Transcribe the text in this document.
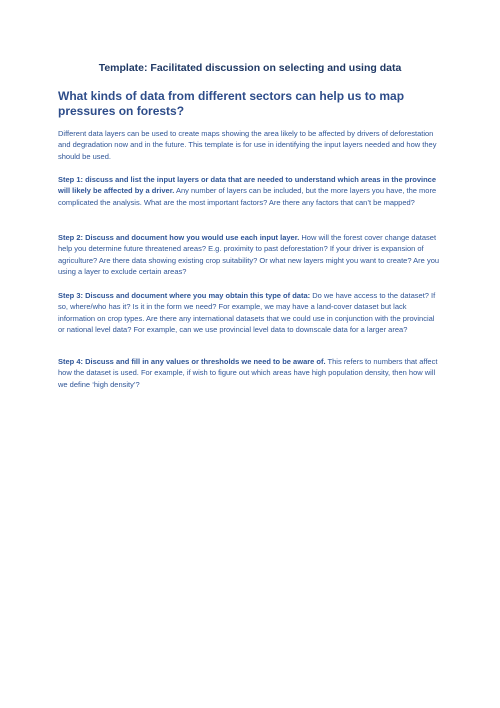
Template: Facilitated discussion on selecting and using data
What kinds of data from different sectors can help us to map pressures on forests?

Different data layers can be used to create maps showing the area likely to be affected by drivers of deforestation and degradation now and in the future. This template is for use in identifying the input layers needed and how they should be used.

Step 1: discuss and list the input layers or data that are needed to understand which areas in the province will likely be affected by a driver. Any number of layers can be included, but the more layers you have, the more complicated the analysis. What are the most important factors? Are there any factors that can’t be mapped?

Step 2: Discuss and document how you would use each input layer. How will the forest cover change dataset help you determine future threatened areas? E.g. proximity to past deforestation? If your driver is expansion of agriculture? Are there data showing existing crop suitability? Or what new layers might you want to create? Are you using a layer to exclude certain areas?

Step 3: Discuss and document where you may obtain this type of data: Do we have access to the dataset? If so, where/who has it? Is it in the form we need? For example, we may have a land-cover dataset but lack information on crop types. Are there any international datasets that we could use in conjunction with the provincial or national level data? For example, can we use provincial level data to downscale data for a larger area?

Step 4: Discuss and fill in any values or thresholds we need to be aware of. This refers to numbers that affect how the dataset is used. For example, if wish to figure out which areas have high population density, then how will we define ‘high density’?
